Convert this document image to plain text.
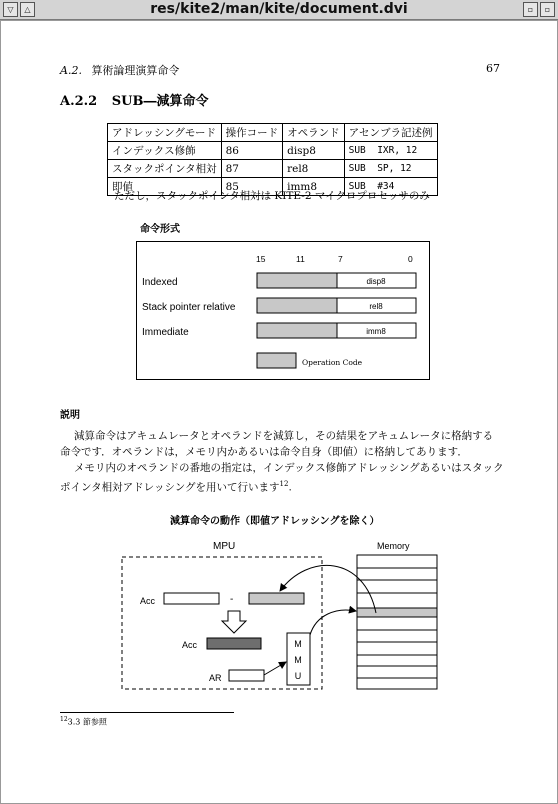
▽	△	res/kite2/man/kite/document.dvi	▫	▫
A.2. 算術論理演算命令	67
A.2.2 SUB―減算命令
アドレッシングモード	操作コード	オペランド	アセンブラ記述例
インデックス修飾	86	disp8	SUB  IXR, 12
スタックポインタ相対	87	rel8	SUB  SP, 12
即値	85	imm8	SUB  #34
ただし，スタックポインタ相対は KITE-2 マイクロプロセッサのみ
命令形式
15	11	7	0
Indexed
Stack pointer relative
Immediate
disp8
rel8
imm8
Operation Code
説明
減算命令はアキュムレータとオペランドを減算し，その結果をアキュムレータに格納する
命令です．オペランドは，メモリ内かあるいは命令自身（即値）に格納してあります．
メモリ内のオペランドの番地の指定は，インデックス修飾アドレッシングあるいはスタック
ポインタ相対アドレッシングを用いて行います$^{12}$.
減算命令の動作（即値アドレッシングを除く）
MPU	Memory
Acc	-
Acc
AR
M
M
U
$^{12}$3.3 節参照
